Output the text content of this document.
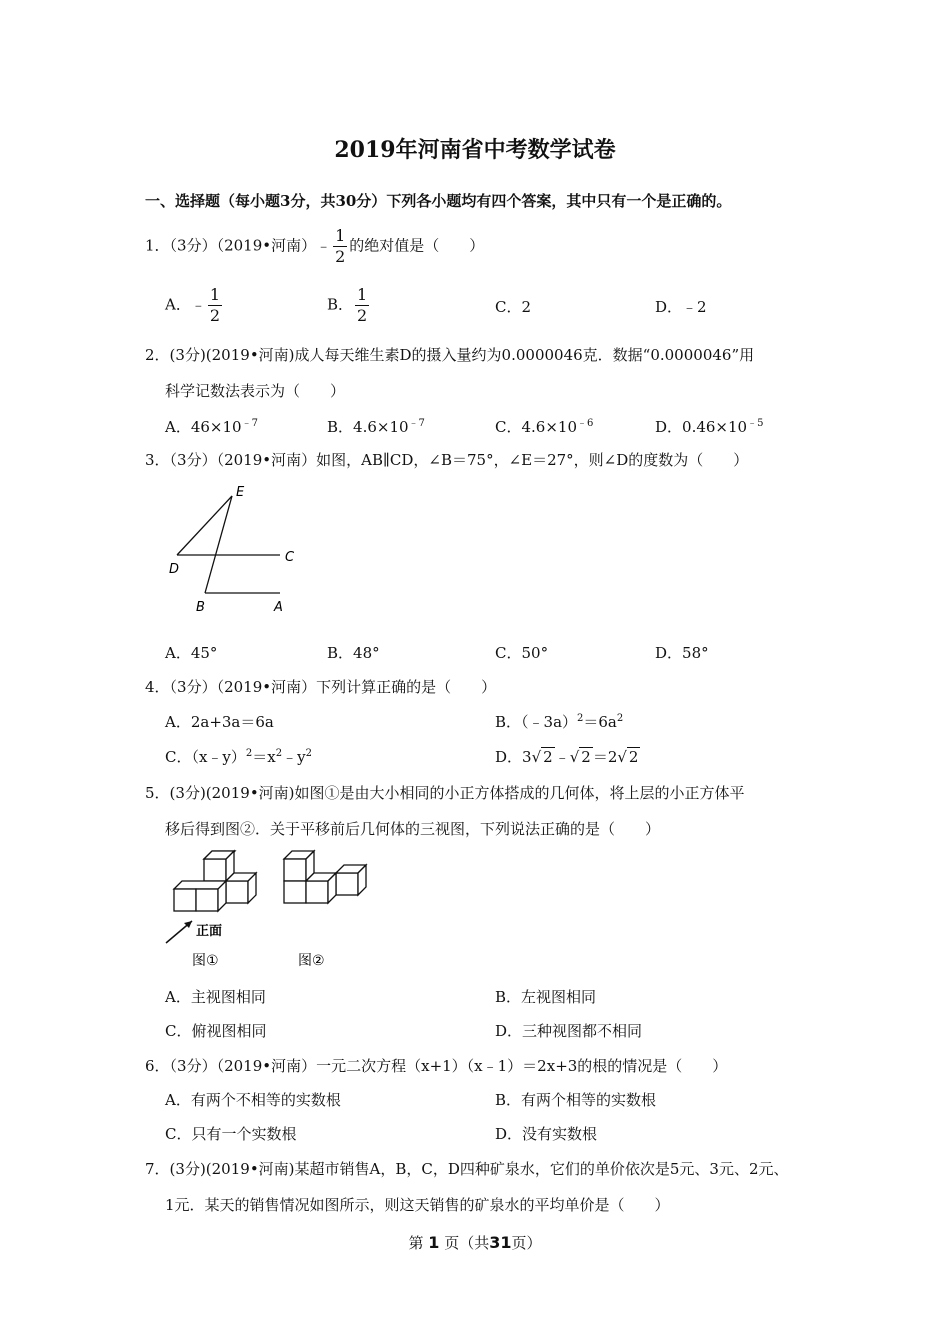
2019年河南省中考数学试卷
一、选择题（每小题3分，共30分）下列各小题均有四个答案，其中只有一个是正确的。
1．（3分）（2019•河南）﹣ $\frac{1}{2}$ 的绝对值是（　　）
A．﹣ $\frac{1}{2}$	B． $\frac{1}{2}$	C．2	D．﹣2
2．(3分)(2019•河南)成人每天维生素D的摄入量约为0.0000046克．数据“0.0000046”用
科学记数法表示为（　　）
A．$46\times 10^{﹣7}$	B．$4.6\times 10^{﹣7}$	C．$4.6\times 10^{﹣6}$	D．$0.46\times 10^{﹣5}$
3．（3分）（2019•河南）如图，AB∥CD，∠B＝75°，∠E＝27°，则∠D的度数为（　　）
E
D
C
B	A
A．45°	B．48°	C．50°	D．58°
4．（3分）（2019•河南）下列计算正确的是（　　）
A．2a+3a＝6a	B．$(﹣3a)^2=6a^2$
C．$(x﹣y)^2=x^2﹣y^2$	D．3√ 2 ﹣√ 2 ＝2√ 2
5．(3分)(2019•河南)如图①是由大小相同的小正方体搭成的几何体，将上层的小正方体平
移后得到图②．关于平移前后几何体的三视图，下列说法正确的是（　　）
正面
图①	图②
A．主视图相同	B．左视图相同
C．俯视图相同	D．三种视图都不相同
6．（3分）（2019•河南）一元二次方程（x+1）（x﹣1）＝2x+3的根的情况是（　　）
A．有两个不相等的实数根	B．有两个相等的实数根
C．只有一个实数根	D．没有实数根
7．(3分)(2019•河南)某超市销售A，B，C，D四种矿泉水，它们的单价依次是5元、3元、2元、
1元．某天的销售情况如图所示，则这天销售的矿泉水的平均单价是（　　）
第 1 页（共31页）
